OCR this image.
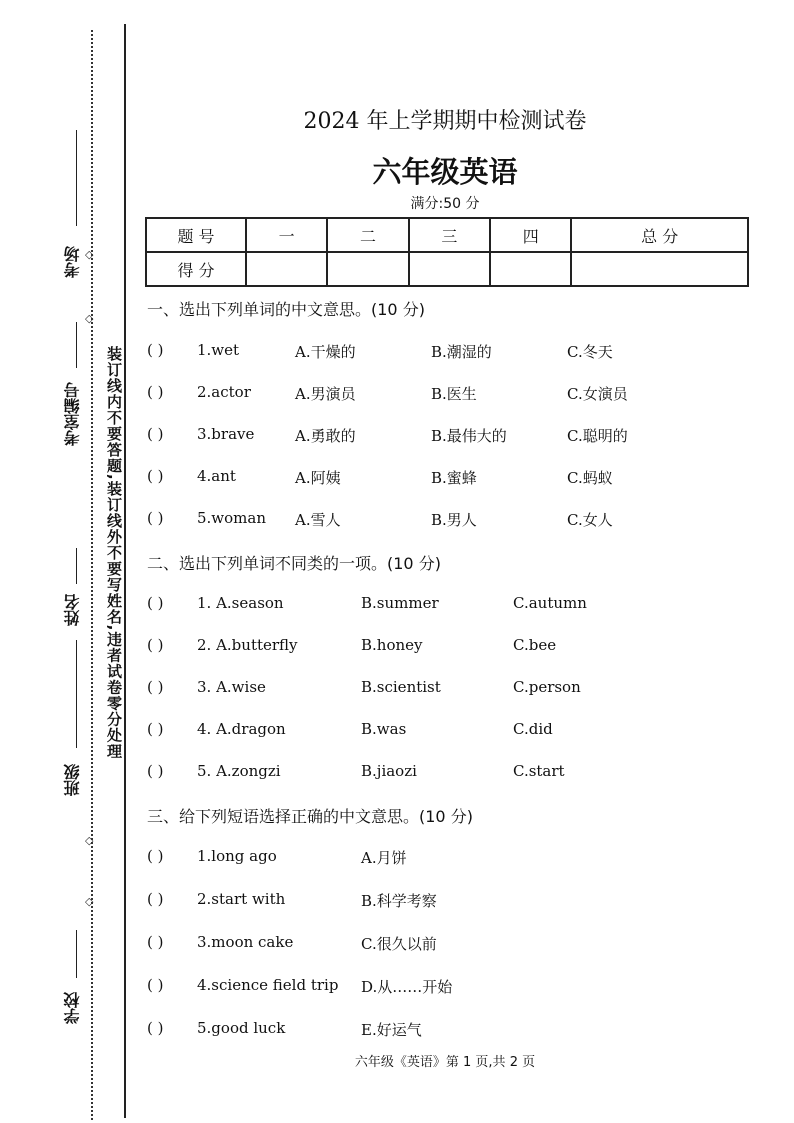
考场
考室编号
姓名
班级
学校
◇
◇
◇
◇
装订线内不要答题,装订线外不要写姓名,违者试卷零分处理
2024 年上学期期中检测试卷
六年级英语
满分:50 分
题 号	一	二	三	四	总 分
得 分					
一、选出下列单词的中文意思。(10 分)
( ) 1.wet	A.干燥的	B.潮湿的	C.冬天
( ) 2.actor	A.男演员	B.医生	C.女演员
( ) 3.brave	A.勇敢的	B.最伟大的	C.聪明的
( ) 4.ant	A.阿姨	B.蜜蜂	C.蚂蚁
( ) 5.woman A.雪人	B.男人	C.女人
二、选出下列单词不同类的一项。(10 分)
( ) 1. A.season	B.summer	C.autumn
( ) 2. A.butterfly	B.honey	C.bee
( ) 3. A.wise	B.scientist	C.person
( ) 4. A.dragon	B.was	C.did
( ) 5. A.zongzi	B.jiaozi	C.start
三、给下列短语选择正确的中文意思。(10 分)
( ) 1.long ago	A.月饼
( ) 2.start with	B.科学考察
( ) 3.moon cake	C.很久以前
( ) 4.science field trip D.从……开始
( ) 5.good luck	E.好运气
六年级《英语》第 1 页,共 2 页
